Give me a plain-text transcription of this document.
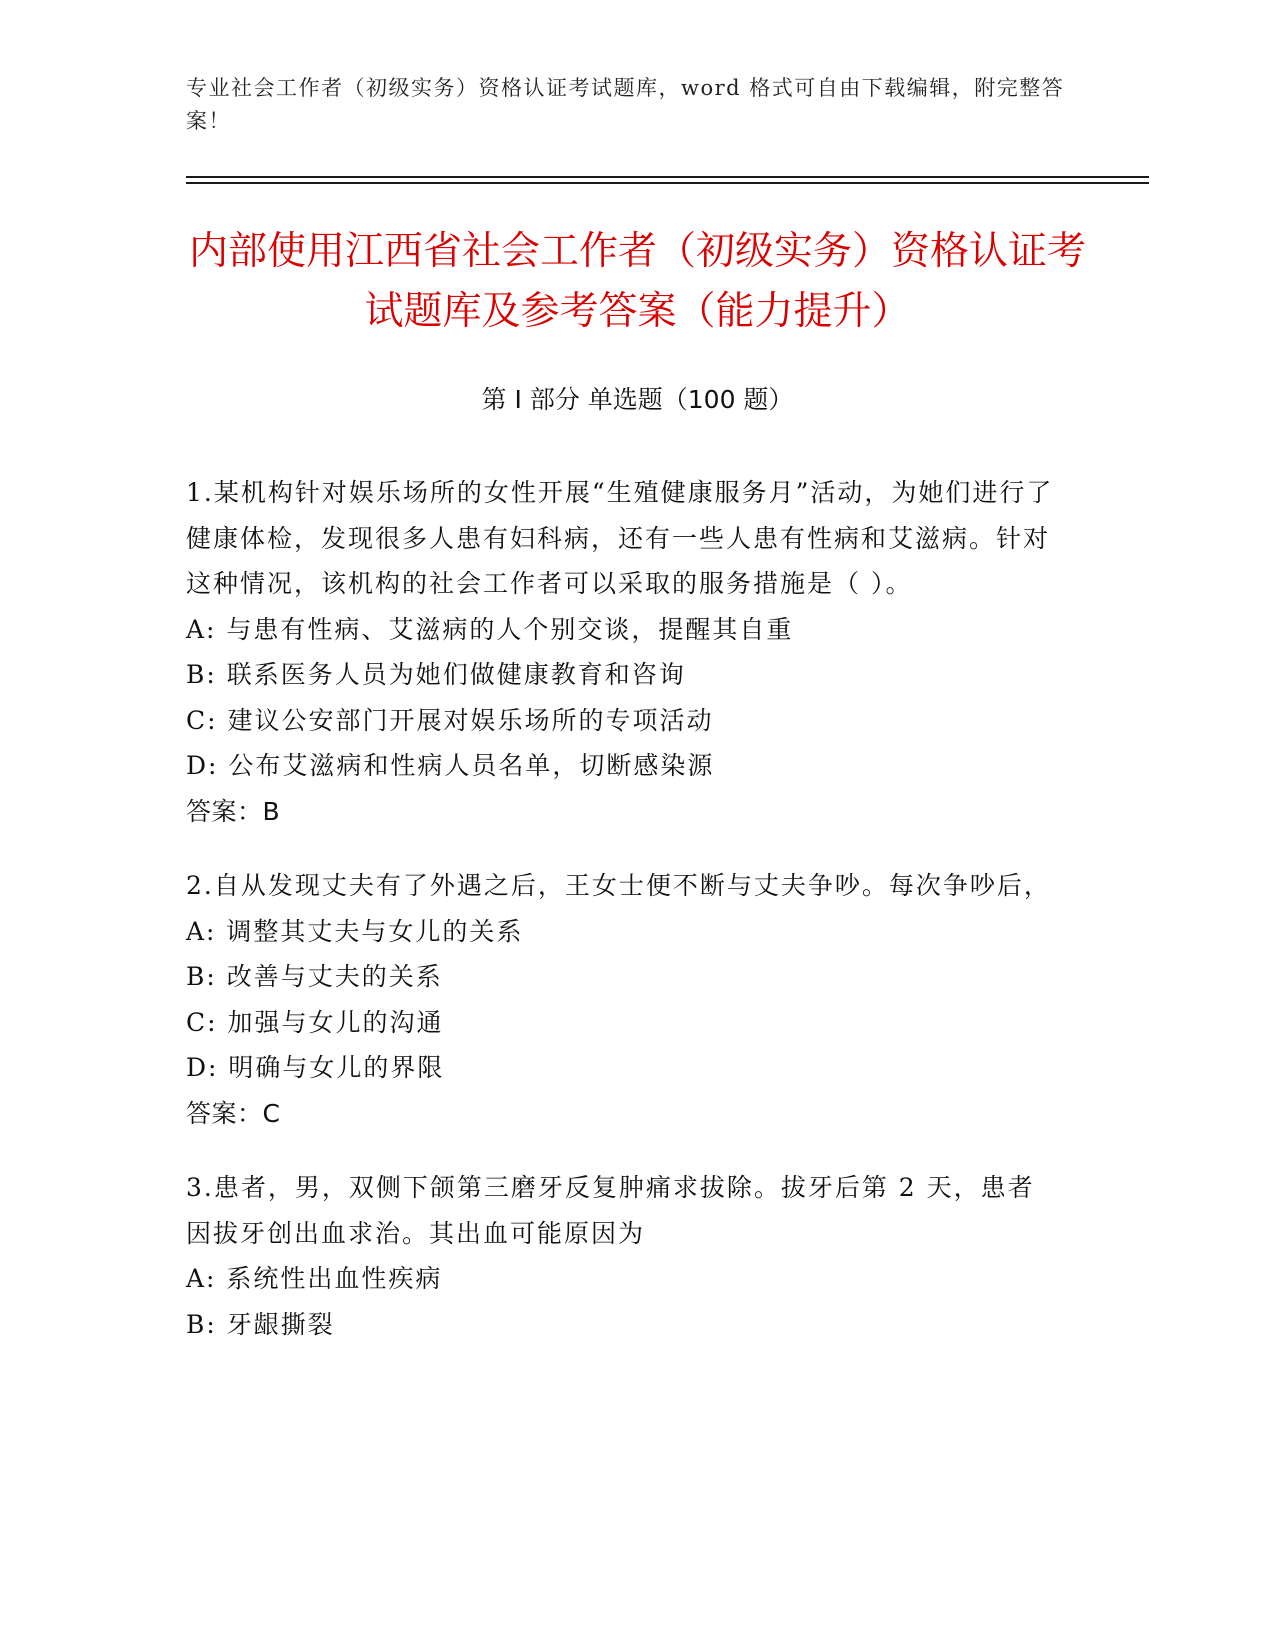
专业社会工作者（初级实务）资格认证考试题库，word 格式可自由下载编辑，附完整答案！
内部使用江西省社会工作者（初级实务）资格认证考试题库及参考答案（能力提升）
第 I 部分 单选题（100 题）

1.某机构针对娱乐场所的女性开展“生殖健康服务月”活动，为她们进行了健康体检，发现很多人患有妇科病，还有一些人患有性病和艾滋病。针对这种情况，该机构的社会工作者可以采取的服务措施是（ ）。

A: 与患有性病、艾滋病的人个别交谈，提醒其自重

B: 联系医务人员为她们做健康教育和咨询

C: 建议公安部门开展对娱乐场所的专项活动

D: 公布艾滋病和性病人员名单，切断感染源

答案：B

2.自从发现丈夫有了外遇之后，王女士便不断与丈夫争吵。每次争吵后，

A: 调整其丈夫与女儿的关系

B: 改善与丈夫的关系

C: 加强与女儿的沟通

D: 明确与女儿的界限

答案：C

3.患者，男，双侧下颌第三磨牙反复肿痛求拔除。拔牙后第 2 天，患者因拔牙创出血求治。其出血可能原因为

A: 系统性出血性疾病

B: 牙龈撕裂
